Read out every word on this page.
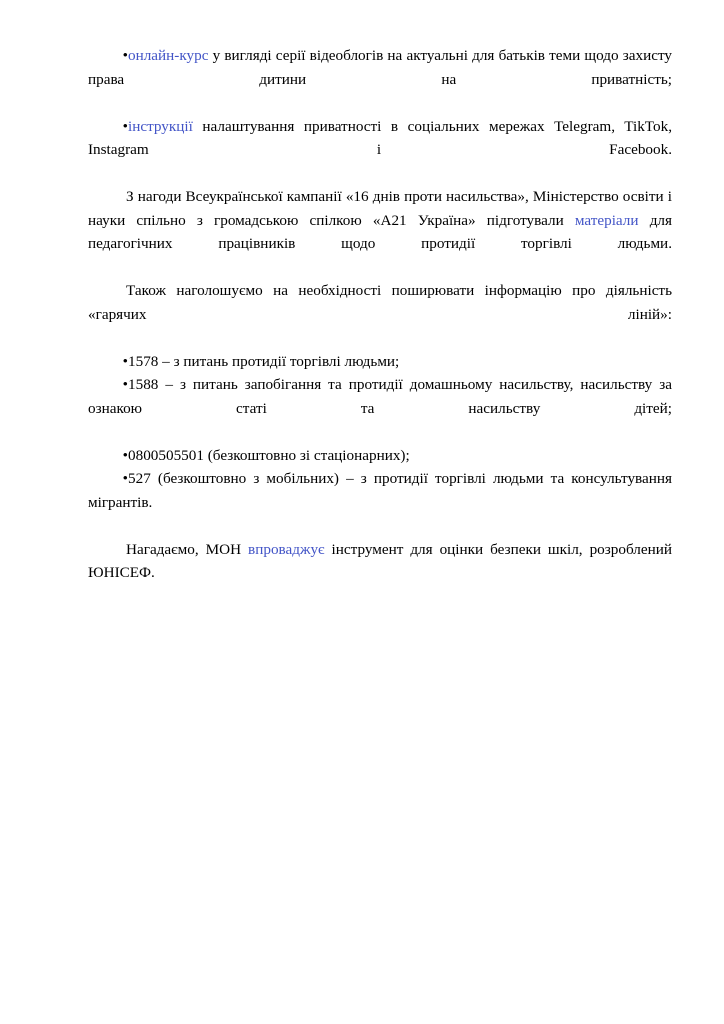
•онлайн-курс у вигляді серії відеоблогів на актуальні для батьків теми щодо захисту права дитини на приватність;

•інструкції налаштування приватності в соціальних мережах Telegram, TikTok, Instagram і Facebook.

З нагоди Всеукраїнської кампанії «16 днів проти насильства», Міністерство освіти і науки спільно з громадською спілкою «А21 Україна» підготували матеріали для педагогічних працівників щодо протидії торгівлі людьми.

Також наголошуємо на необхідності поширювати інформацію про діяльність «гарячих ліній»:

•1578 – з питань протидії торгівлі людьми;

•1588 – з питань запобігання та протидії домашньому насильству, насильству за ознакою статі та насильству дітей;

•0800505501 (безкоштовно зі стаціонарних);

•527 (безкоштовно з мобільних) – з протидії торгівлі людьми та консультування мігрантів.

Нагадаємо, МОН впроваджує інструмент для оцінки безпеки шкіл, розроблений ЮНІСЕФ.
